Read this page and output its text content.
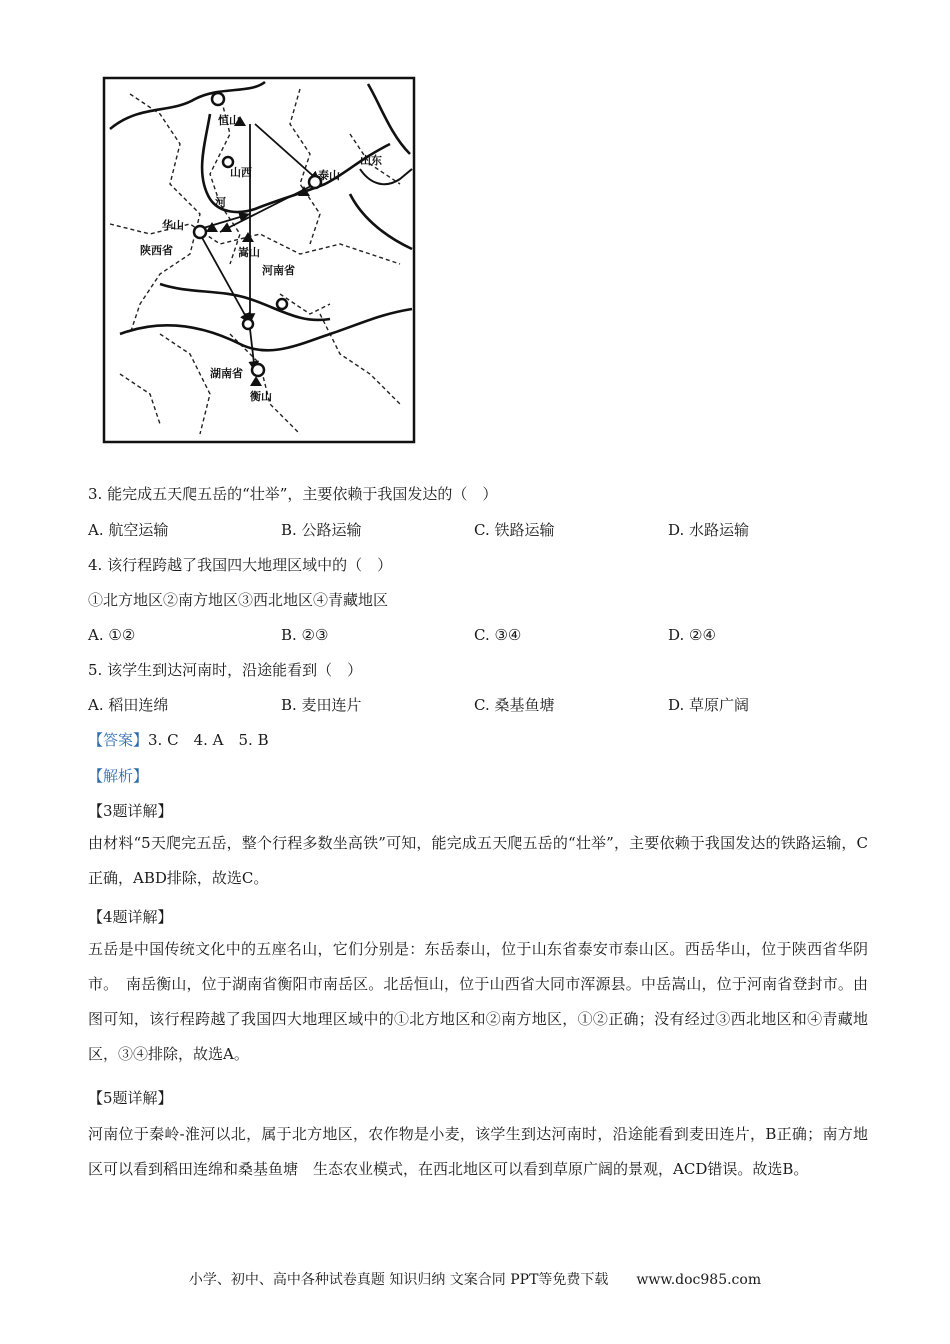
恒山
山西
河
泰山
山东
华山
陕西省	嵩山
河南省
湖南省
衡山
3. 能完成五天爬五岳的“壮举”，主要依赖于我国发达的（　）
A. 航空运输	B. 公路运输	C. 铁路运输	D. 水路运输
4. 该行程跨越了我国四大地理区域中的（　）
①北方地区②南方地区③西北地区④青藏地区
A. ①②	B. ②③	C. ③④	D. ②④
5. 该学生到达河南时，沿途能看到（　）
A. 稻田连绵	B. 麦田连片	C. 桑基鱼塘	D. 草原广阔
【答案】3. C　4. A　5. B
【解析】
【3题详解】
由材料“5天爬完五岳，整个行程多数坐高铁”可知，能完成五天爬五岳的“壮举”，主要依赖于我国发达的铁路运输，C正确，ABD排除，故选C。
【4题详解】
五岳是中国传统文化中的五座名山，它们分别是：东岳泰山，位于山东省泰安市泰山区。西岳华山，位于陕西省华阴市。　南岳衡山，位于湖南省衡阳市南岳区。北岳恒山，位于山西省大同市浑源县。中岳嵩山，位于河南省登封市。由图可知，该行程跨越了我国四大地理区域中的①北方地区和②南方地区，①②正确；没有经过③西北地区和④青藏地区，③④排除，故选A。
【5题详解】
河南位于秦岭-淮河以北，属于北方地区，农作物是小麦，该学生到达河南时，沿途能看到麦田连片，B正确；南方地区可以看到稻田连绵和桑基鱼塘　生态农业模式，在西北地区可以看到草原广阔的景观，ACD错误。故选B。
小学、初中、高中各种试卷真题 知识归纳 文案合同 PPT等免费下载　　www.doc985.com
